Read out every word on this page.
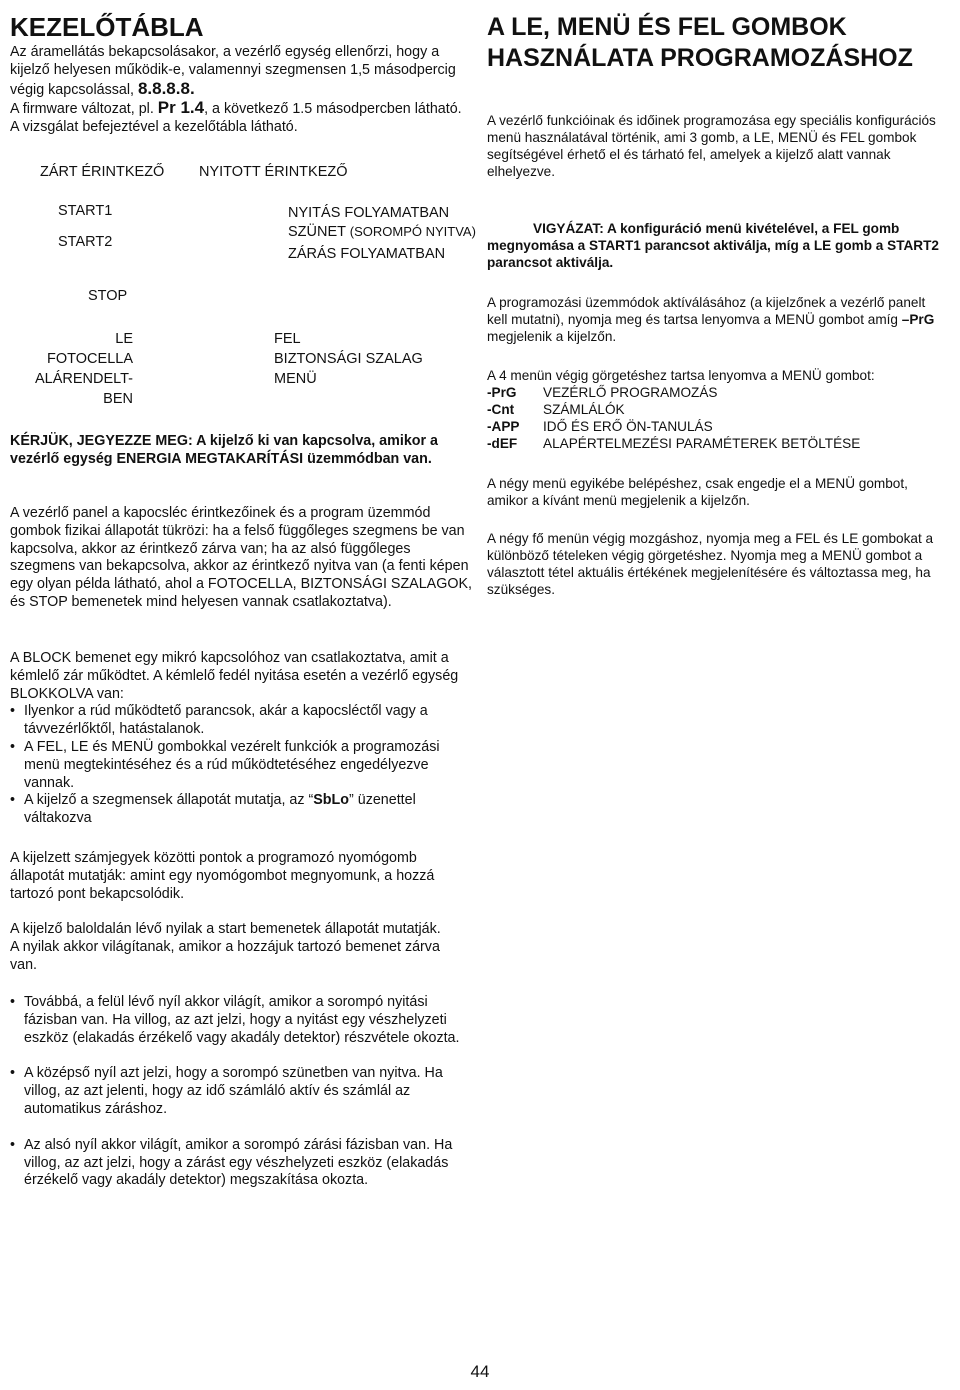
KEZELŐTÁBLA
Az áramellátás bekapcsolásakor, a vezérlő egység ellenőrzi, hogy a kijelző helyesen működik-e, valamennyi szegmensen 1,5 másodpercig végig kapcsolással, 8.8.8.8.
A firmware változat, pl. Pr 1.4, a következő 1.5 másodpercben látható. A vizsgálat befejeztével a kezelőtábla látható.
ZÁRT ÉRINTKEZŐ NYITOTT ÉRINTKEZŐ
START1
START2
NYITÁS FOLYAMATBAN
SZÜNET (SOROMPÓ NYITVA)
ZÁRÁS FOLYAMATBAN
STOP
LE
FOTOCELLA
ALÁRENDELT-
BEN
FEL
BIZTONSÁGI SZALAG
MENÜ
KÉRJÜK, JEGYEZZE MEG: A kijelző ki van kapcsolva, amikor a vezérlő egység ENERGIA MEGTAKARÍTÁSI üzemmódban van.
A vezérlő panel a kapocsléc érintkezőinek és a program üzemmód gombok fizikai állapotát tükrözi: ha a felső függőleges szegmens be van kapcsolva, akkor az érintkező zárva van; ha az alsó függőleges szegmens van bekapcsolva, akkor az érintkező nyitva van (a fenti képen egy olyan példa látható, ahol a FOTOCELLA, BIZTONSÁGI SZALAGOK, és STOP bemenetek mind helyesen vannak csatlakoztatva).
A BLOCK bemenet egy mikró kapcsolóhoz van csatlakoztatva, amit a kémlelő zár működtet. A kémlelő fedél nyitása esetén a vezérlő egység BLOKKOLVA van:
• Ilyenkor a rúd működtető parancsok, akár a kapocsléctől vagy a távvezérlőktől, hatástalanok.
• A FEL, LE és MENÜ gombokkal vezérelt funkciók a programozási menü megtekintéséhez és a rúd működtetéséhez engedélyezve vannak.
• A kijelző a szegmensek állapotát mutatja, az “SbLo” üzenettel váltakozva
A kijelzett számjegyek közötti pontok a programozó nyomógomb állapotát mutatják: amint egy nyomógombot megnyomunk, a hozzá tartozó pont bekapcsolódik.
A kijelző baloldalán lévő nyilak a start bemenetek állapotát mutatják. A nyilak akkor világítanak, amikor a hozzájuk tartozó bemenet zárva van.
• Továbbá, a felül lévő nyíl akkor világít, amikor a sorompó nyitási fázisban van. Ha villog, az azt jelzi, hogy a nyitást egy vészhelyzeti eszköz (elakadás érzékelő vagy akadály detektor) részvétele okozta.
• A középső nyíl azt jelzi, hogy a sorompó szünetben van nyitva. Ha villog, az azt jelenti, hogy az idő számláló aktív és számlál az automatikus záráshoz.
• Az alsó nyíl akkor világít, amikor a sorompó zárási fázisban van. Ha villog, az azt jelzi, hogy a zárást egy vészhelyzeti eszköz (elakadás érzékelő vagy akadály detektor) megszakítása okozta.
A LE, MENÜ ÉS FEL GOMBOK HASZNÁLATA PROGRAMOZÁSHOZ
A vezérlő funkcióinak és időinek programozása egy speciális konfigurációs menü használatával történik, ami 3 gomb, a LE, MENÜ és FEL gombok segítségével érhető el és tárható fel, amelyek a kijelző alatt vannak elhelyezve.
VIGYÁZAT: A konfiguráció menü kivételével, a FEL gomb megnyomása a START1 parancsot aktiválja, míg a LE gomb a START2 parancsot aktiválja.
A programozási üzemmódok aktíválásához (a kijelzőnek a vezérlő panelt kell mutatni), nyomja meg és tartsa lenyomva a MENÜ gombot amíg –PrG megjelenik a kijelzőn.
A 4 menün végig görgetéshez tartsa lenyomva a MENÜ gombot:
-PrG	VEZÉRLŐ PROGRAMOZÁS
-Cnt	SZÁMLÁLÓK
-APP	IDŐ ÉS ERŐ ÖN-TANULÁS
-dEF	ALAPÉRTELMEZÉSI PARAMÉTEREK BETÖLTÉSE
A négy menü egyikébe belépéshez, csak engedje el a MENÜ gombot, amikor a kívánt menü megjelenik a kijelzőn.
A négy fő menün végig mozgáshoz, nyomja meg a FEL és LE gombokat a különböző tételeken végig görgetéshez. Nyomja meg a MENÜ gombot a választott tétel aktuális értékének megjelenítésére és változtassa meg, ha szükséges.
44
